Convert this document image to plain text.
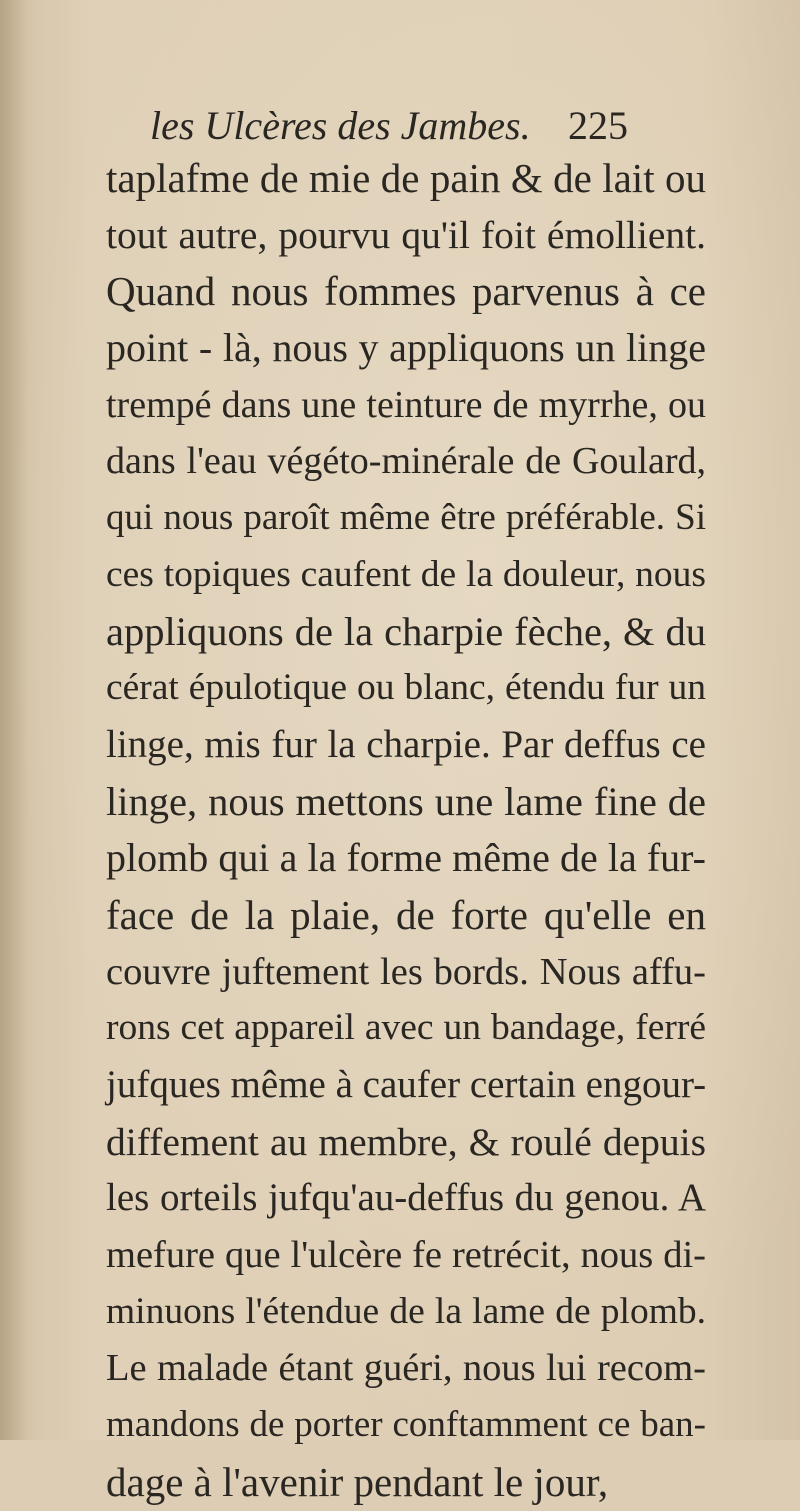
les Ulcères des Jambes. 225
taplafme de mie de pain & de lait ou
tout autre, pourvu qu'il foit émollient.
Quand nous fommes parvenus à ce
point - là, nous y appliquons un linge
trempé dans une teinture de myrrhe, ou
dans l'eau végéto-minérale de Goulard,
qui nous paroît même être préférable. Si
ces topiques caufent de la douleur, nous
appliquons de la charpie fèche, & du
cérat épulotique ou blanc, étendu fur un
linge, mis fur la charpie. Par deffus ce
linge, nous mettons une lame fine de
plomb qui a la forme même de la fur-
face de la plaie, de forte qu'elle en
couvre juftement les bords. Nous affu-
rons cet appareil avec un bandage, ferré
jufques même à caufer certain engour-
diffement au membre, & roulé depuis
les orteils jufqu'au-deffus du genou. A
mefure que l'ulcère fe retrécit, nous di-
minuons l'étendue de la lame de plomb.
Le malade étant guéri, nous lui recom-
mandons de porter conftamment ce ban-
dage à l'avenir pendant le jour,
